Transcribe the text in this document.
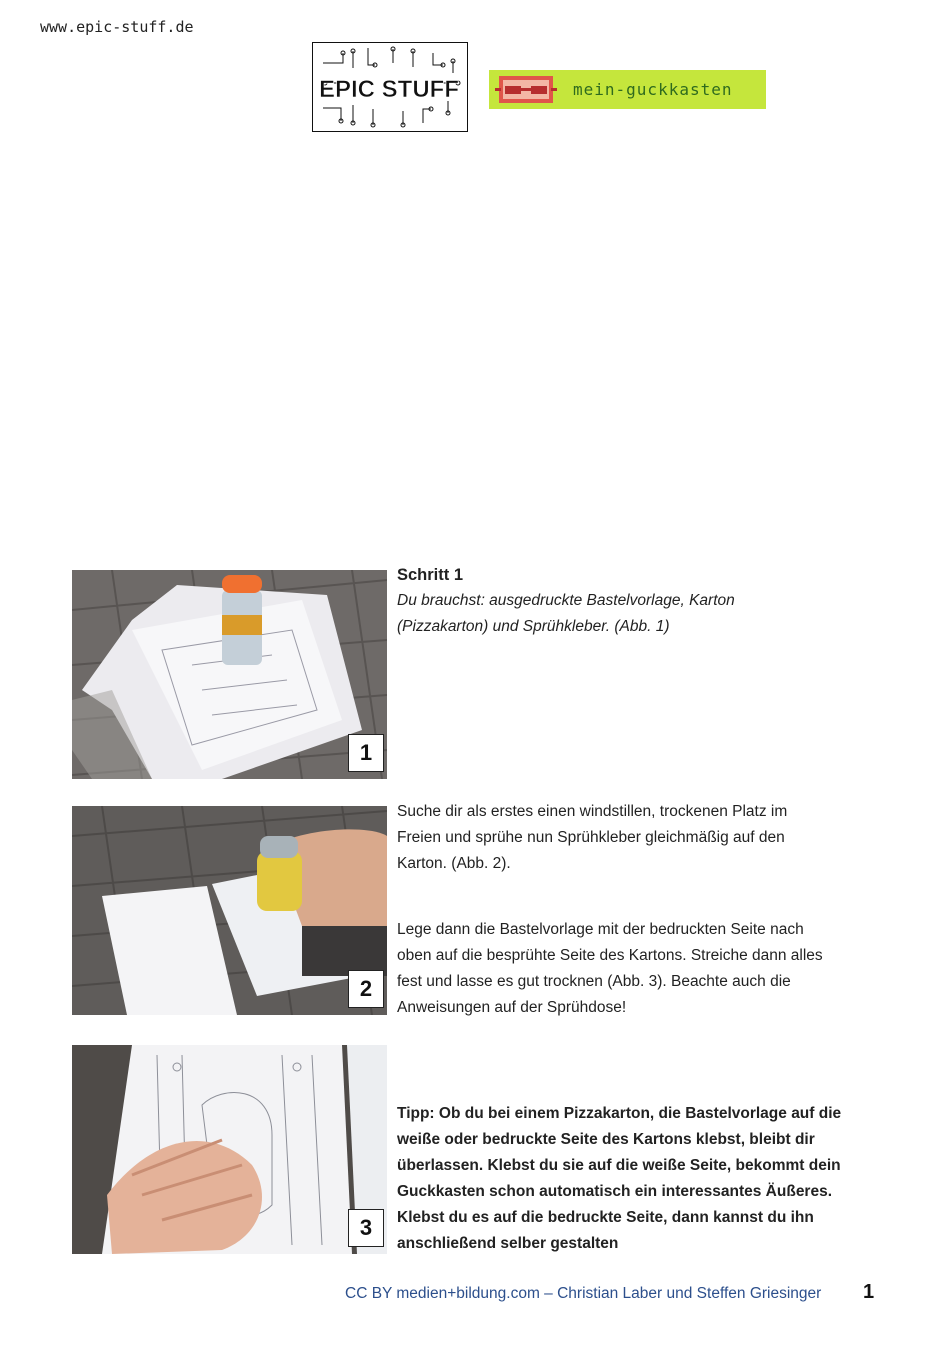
www.epic-stuff.de
EPIC STUFF	mein-guckkasten
1
2
3
Schritt 1
Du brauchst: ausgedruckte Bastelvorlage, Karton
(Pizzakarton) und Sprühkleber. (Abb. 1)
Suche dir als erstes einen windstillen, trockenen Platz im
Freien und sprühe nun Sprühkleber gleichmäßig auf den
Karton. (Abb. 2).
Lege dann die Bastelvorlage mit der bedruckten Seite nach
oben auf die besprühte Seite des Kartons. Streiche dann alles
fest und lasse es gut trocknen (Abb. 3). Beachte auch die
Anweisungen auf der Sprühdose!
Tipp: Ob du bei einem Pizzakarton, die Bastelvorlage auf die
weiße oder bedruckte Seite des Kartons klebst, bleibt dir
überlassen. Klebst du sie auf die weiße Seite, bekommt dein
Guckkasten schon automatisch ein interessantes Äußeres.
Klebst du es auf die bedruckte Seite, dann kannst du ihn
anschließend selber gestalten
CC BY medien+bildung.com – Christian Laber und Steffen Griesinger 1
